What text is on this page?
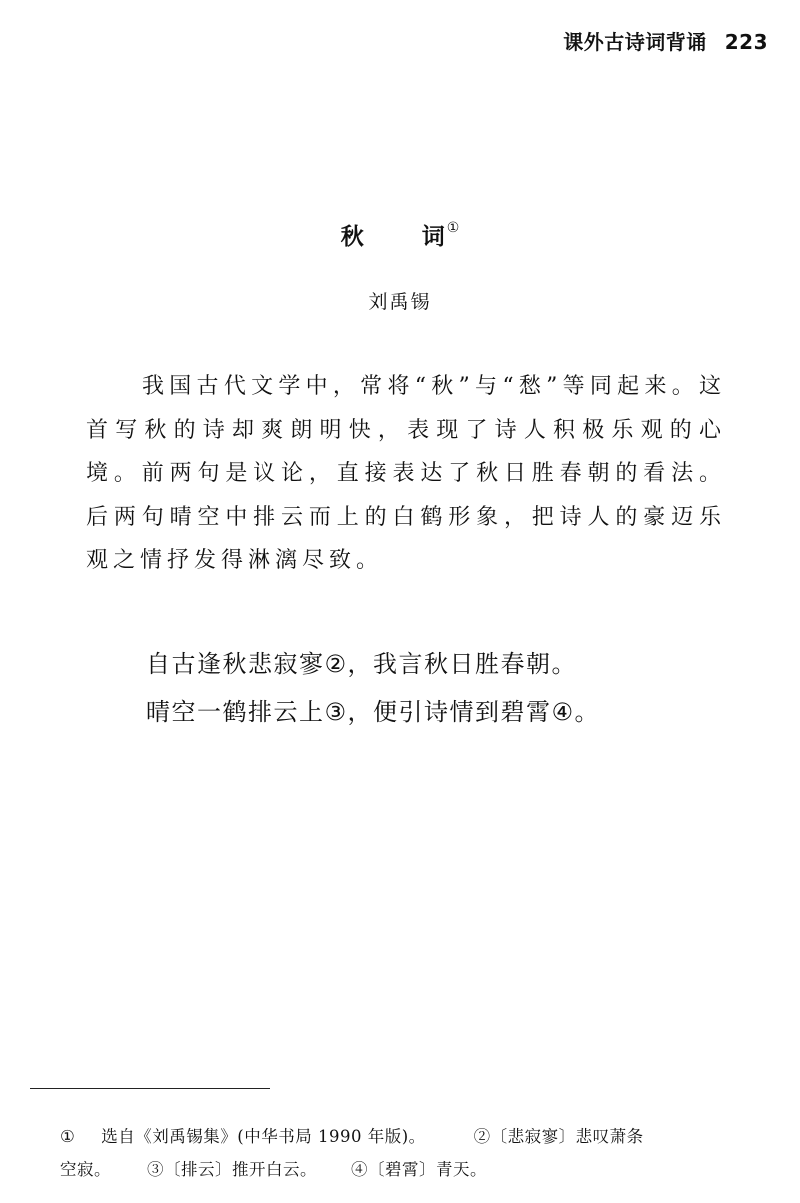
课外古诗词背诵 223
秋	词 ①
刘禹锡

我国古代文学中，常将“秋”与“愁”等同起来。这首写秋的诗却爽朗明快，表现了诗人积极乐观的心境。前两句是议论，直接表达了秋日胜春朝的看法。后两句晴空中排云而上的白鹤形象，把诗人的豪迈乐观之情抒发得淋漓尽致。

自古逢秋悲寂寥②，我言秋日胜春朝。
晴空一鹤排云上③，便引诗情到碧霄④。
① 选自《刘禹锡集》(中华书局 1990 年版)。	②〔悲寂寥〕悲叹萧条
空寂。 ③〔排云〕推开白云。 ④〔碧霄〕青天。
